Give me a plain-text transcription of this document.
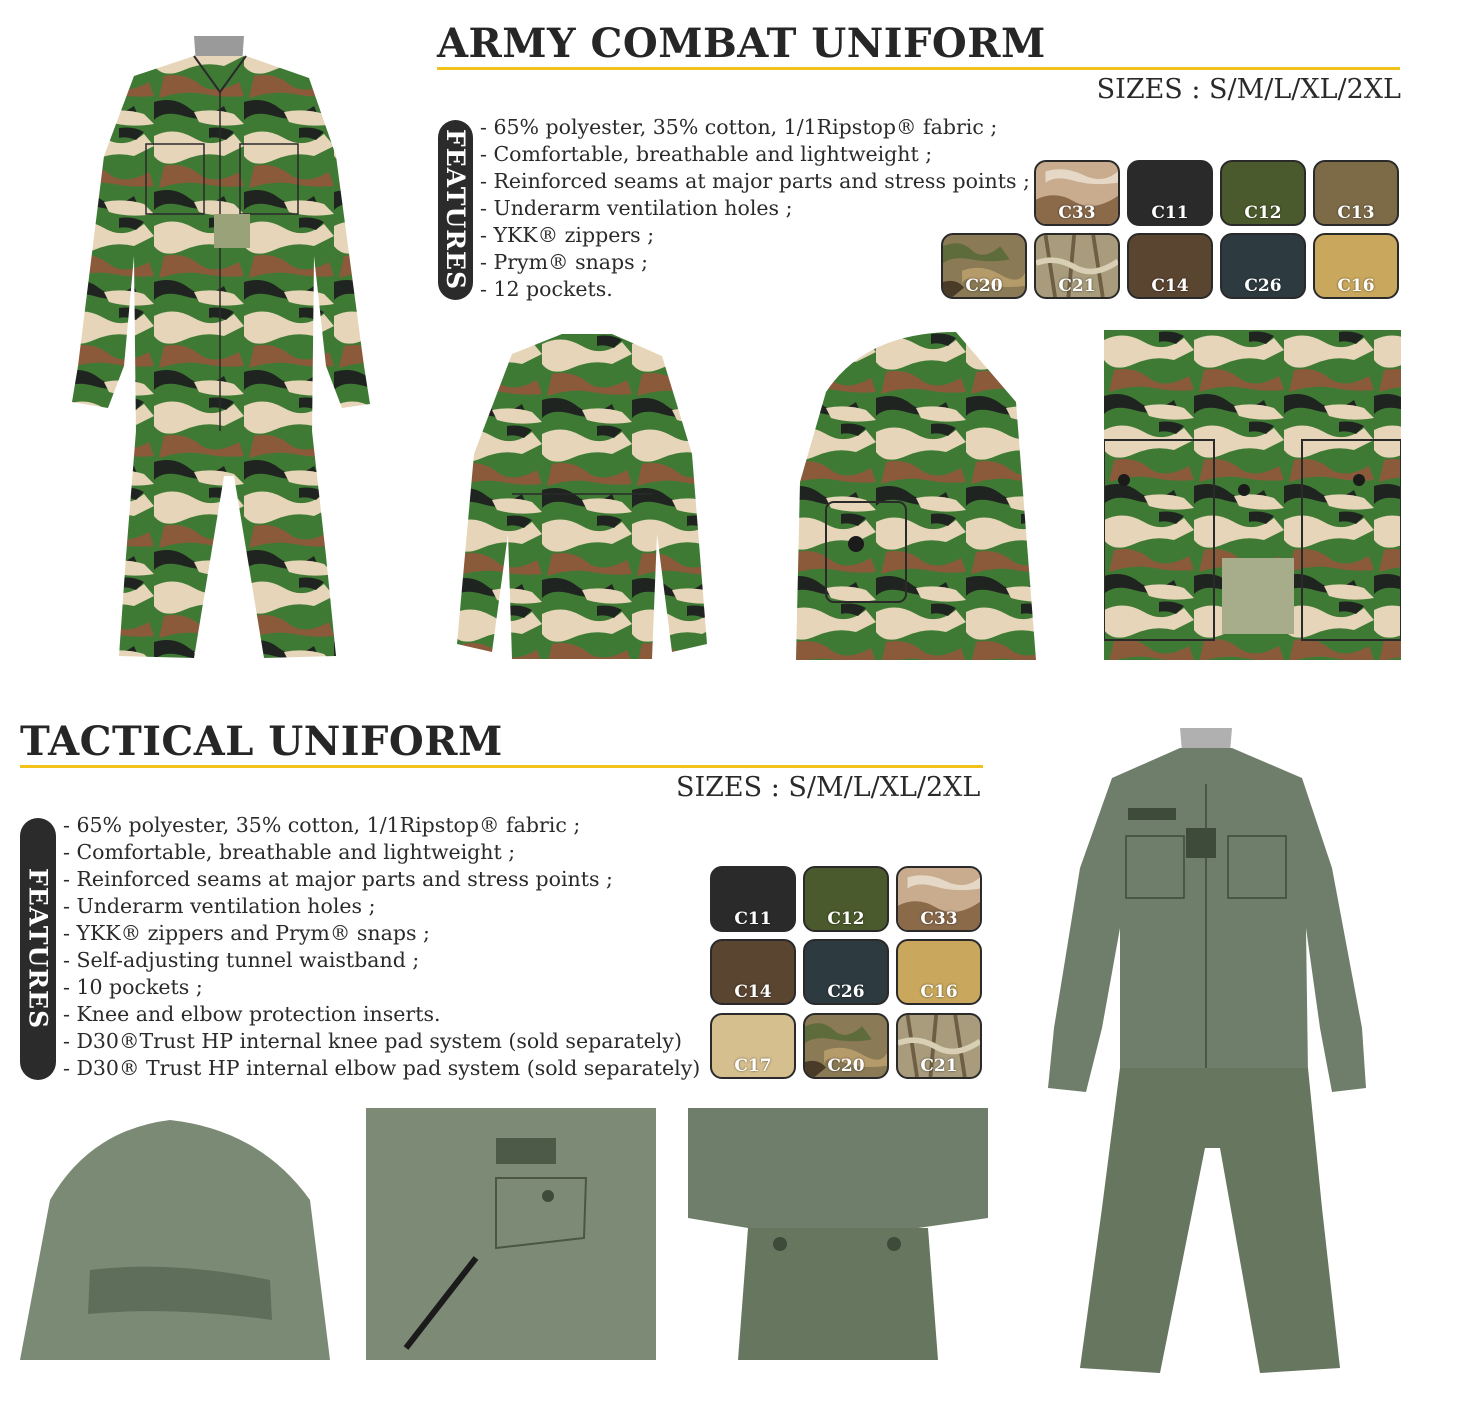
ARMY COMBAT UNIFORM
SIZES : S/M/L/XL/2XL
FEATURES
- 65% polyester, 35% cotton, 1/1Ripstop® fabric ;
- Comfortable, breathable and lightweight ;
- Reinforced seams at major parts and stress points ;
- Underarm ventilation holes ;
- YKK® zippers ;
- Prym® snaps ;
- 12 pockets.
C33	C11	C12	C13
C20	C21	C14	C26	C16
TACTICAL UNIFORM
SIZES : S/M/L/XL/2XL
FEATURES
- 65% polyester, 35% cotton, 1/1Ripstop® fabric ;
- Comfortable, breathable and lightweight ;
- Reinforced seams at major parts and stress points ;
- Underarm ventilation holes ;
- YKK® zippers and Prym® snaps ;
- Self-adjusting tunnel waistband ;
- 10 pockets ;
- Knee and elbow protection inserts.
- D30®Trust HP internal knee pad system (sold separately)
- D30® Trust HP internal elbow pad system (sold separately)
C11	C12	C33
C14	C26	C16
C17	C20	C21
